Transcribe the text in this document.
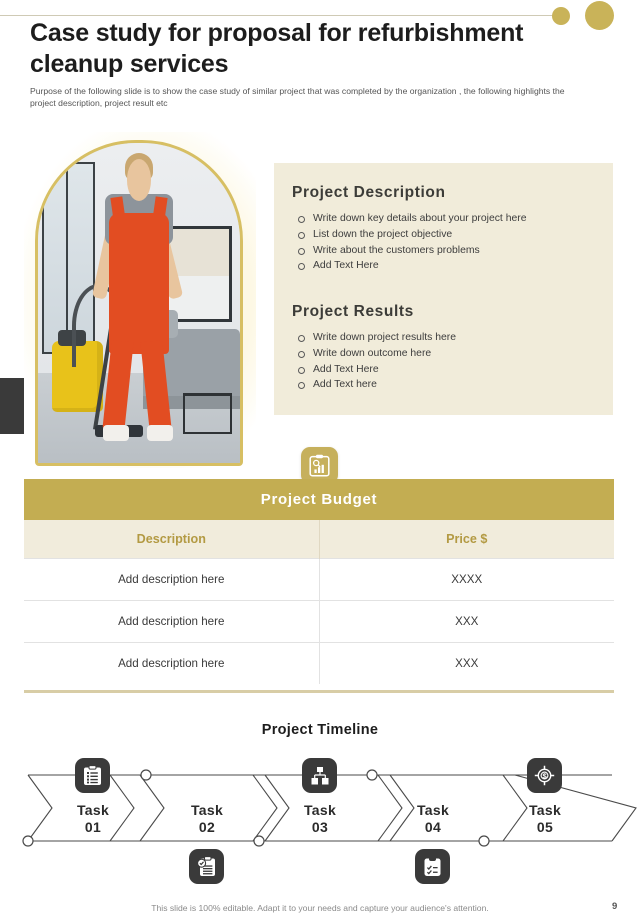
Case study for proposal for refurbishment cleanup services
Purpose of the following slide is to show the case study of similar project that was completed by the organization , the following highlights the project description, project result etc
Project Description
Write down key details about your project here
List down the project objective
Write about the customers problems
Add Text Here
Project Results
Write down project results here
Write down outcome here
Add Text Here
Add Text here
Project Budget	
Description	Price $
Add description here	XXXX
Add description here	XXX
Add description here	XXX
Project Timeline
Task
01
Task
02
Task
03
Task
04
$
Task
05
This slide is 100% editable. Adapt it to your needs and capture your audience's attention.	9
